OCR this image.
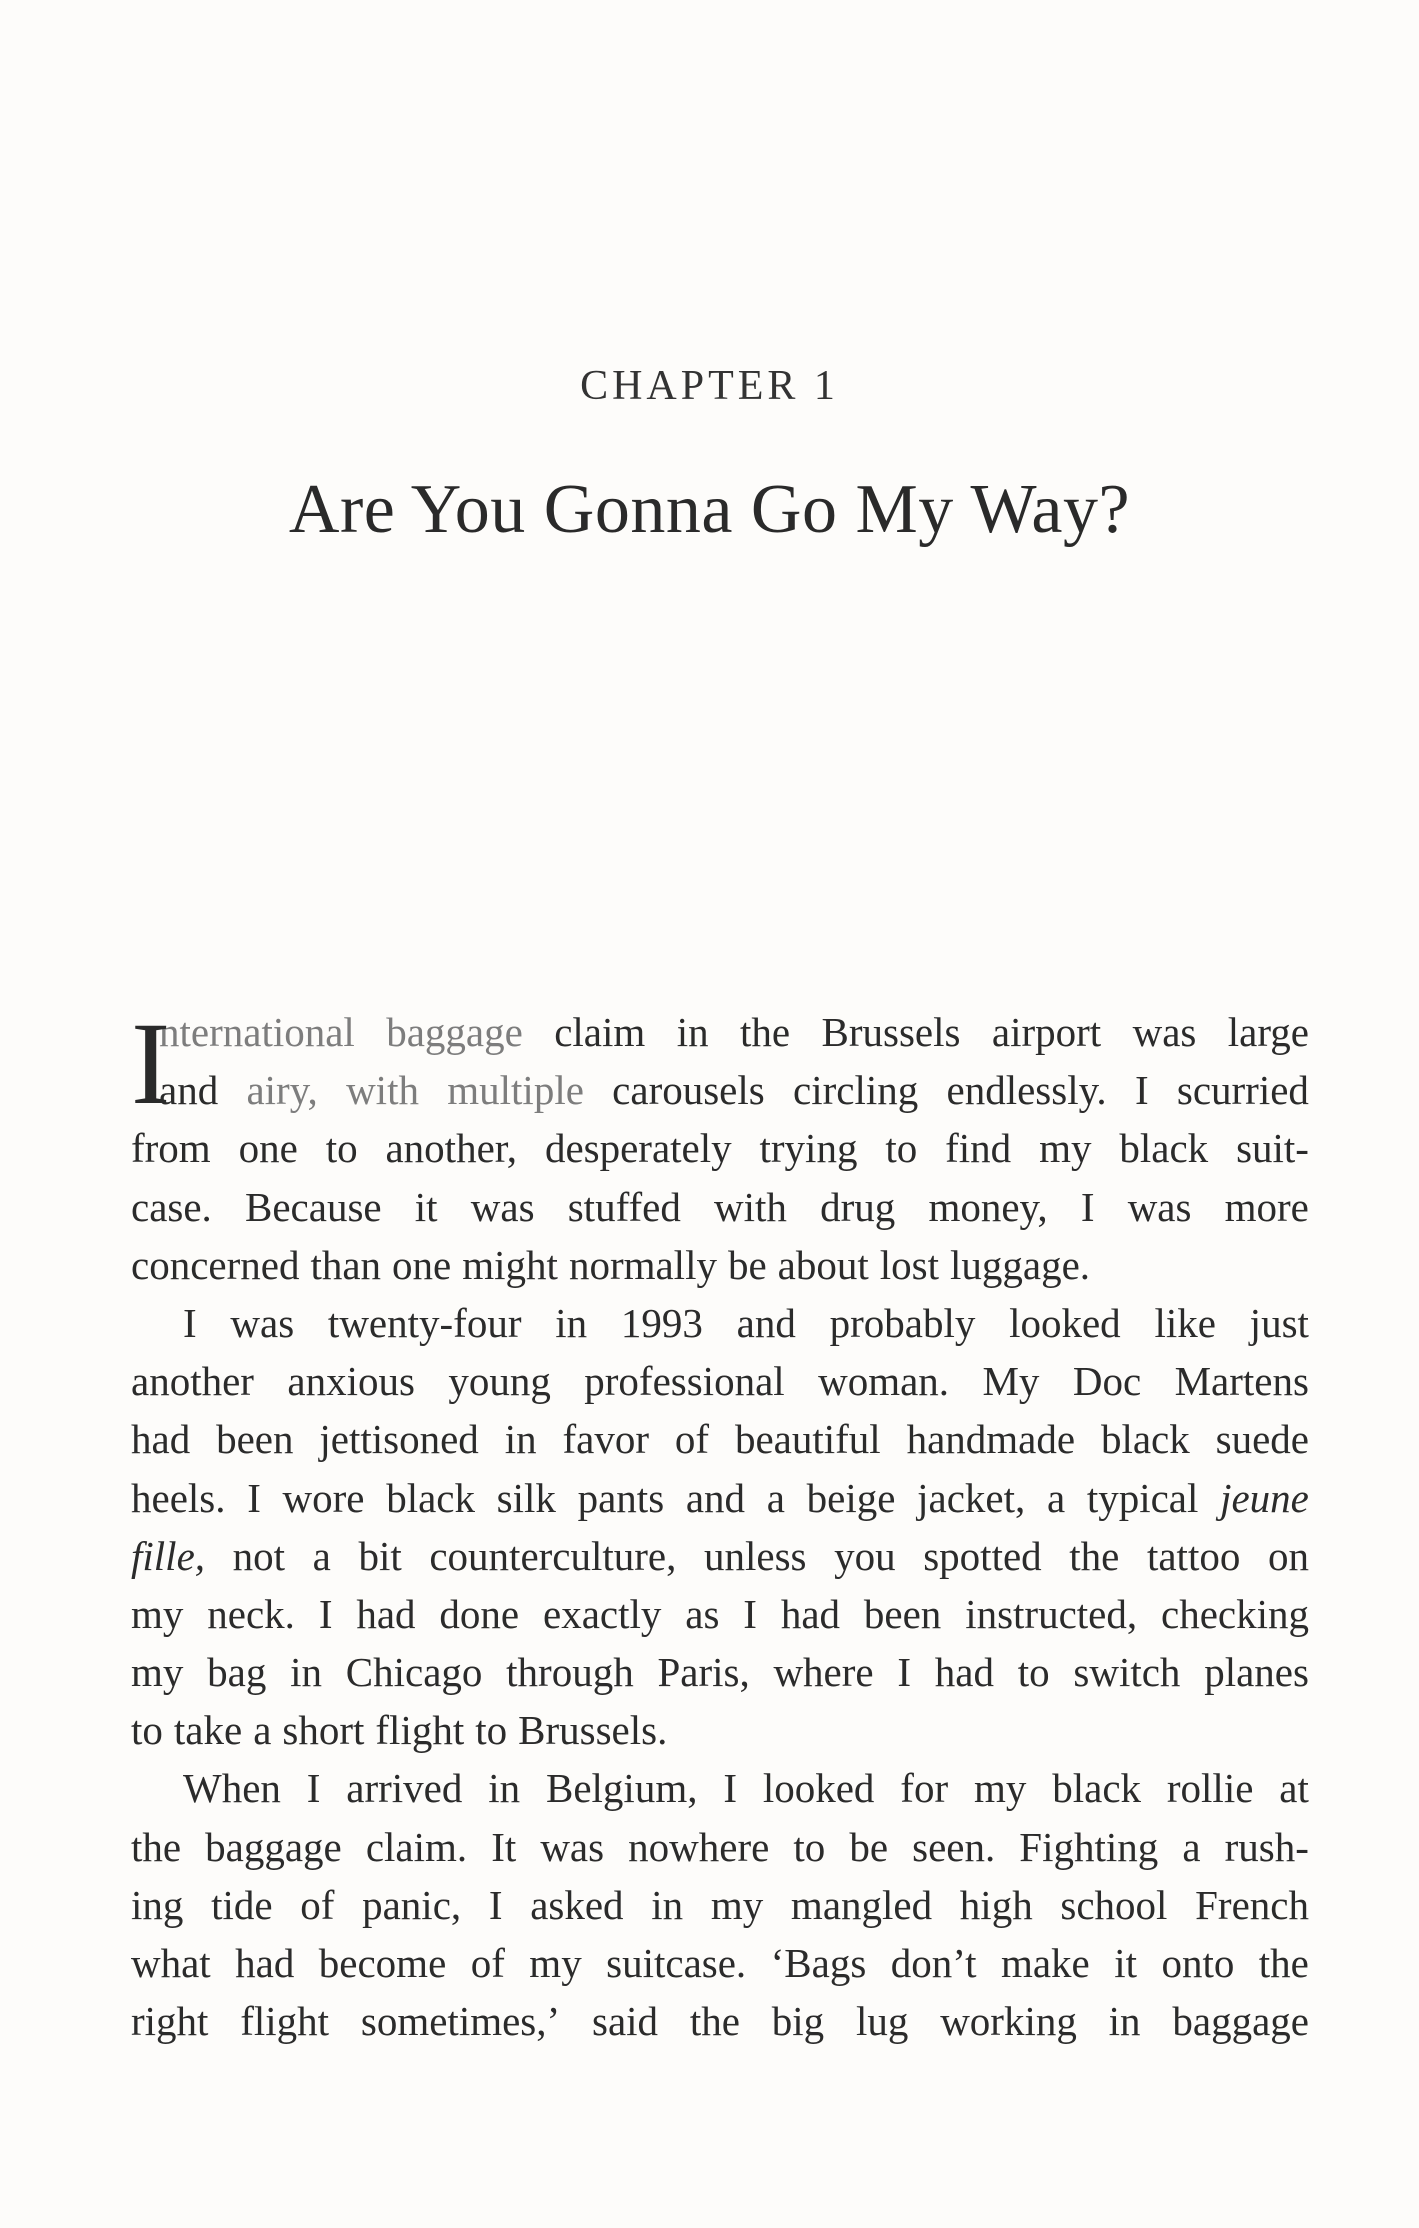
CHAPTER 1
Are You Gonna Go My Way?
I
nternational baggage claim in the Brussels airport was large
and airy, with multiple carousels circling endlessly. I scurried
from one to another, desperately trying to find my black suit-
case. Because it was stuffed with drug money, I was more
concerned than one might normally be about lost luggage.
I was twenty-four in 1993 and probably looked like just
another anxious young professional woman. My Doc Martens
had been jettisoned in favor of beautiful handmade black suede
heels. I wore black silk pants and a beige jacket, a typical jeune
fille, not a bit counterculture, unless you spotted the tattoo on
my neck. I had done exactly as I had been instructed, checking
my bag in Chicago through Paris, where I had to switch planes
to take a short flight to Brussels.
When I arrived in Belgium, I looked for my black rollie at
the baggage claim. It was nowhere to be seen. Fighting a rush-
ing tide of panic, I asked in my mangled high school French
what had become of my suitcase. ‘Bags don’t make it onto the
right flight sometimes,’ said the big lug working in baggage
